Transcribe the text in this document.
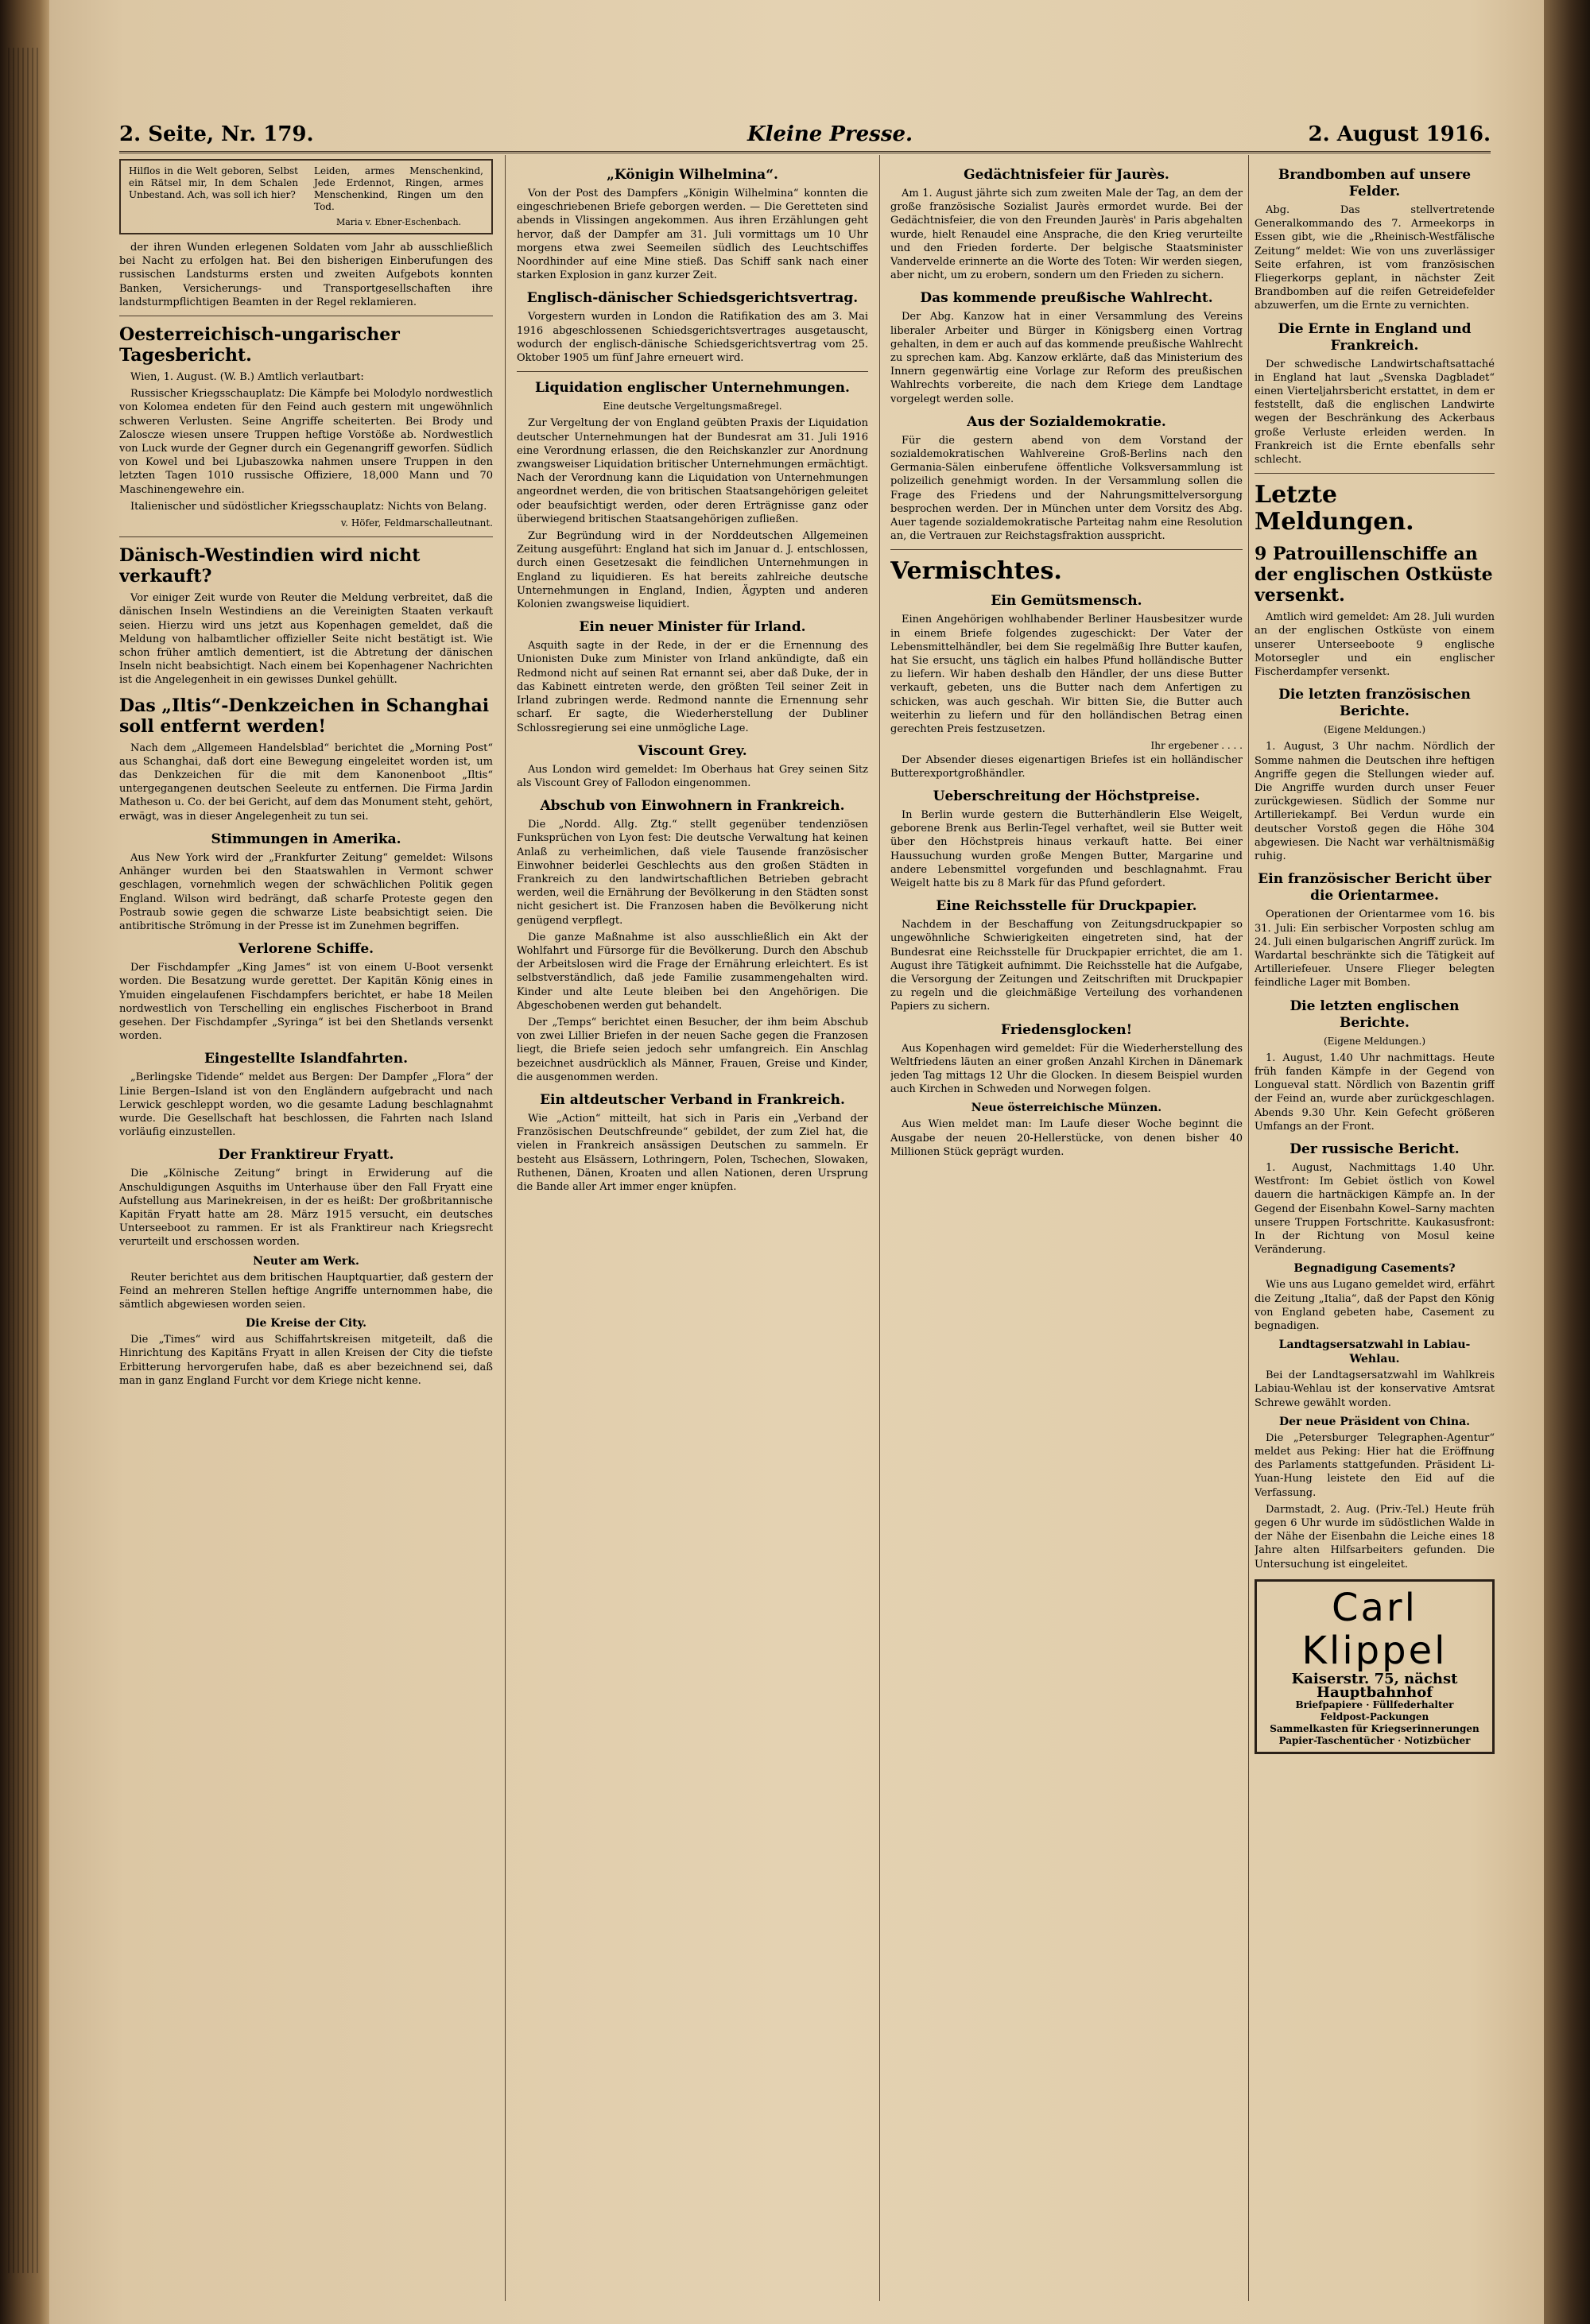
2. Seite, Nr. 179.	Kleine Presse.	2. August 1916.
Hilflos in die Welt geboren, Selbst ein Rätsel mir, In dem Schalen Unbestand. Ach, was soll ich hier?
Leiden, armes Menschenkind, Jede Erdennot, Ringen, armes Menschenkind, Ringen um den Tod.
Maria v. Ebner-Eschenbach.

der ihren Wunden erlegenen Soldaten vom Jahr ab ausschließlich bei Nacht zu erfolgen hat. Bei den bisherigen Einberufungen des russischen Landsturms ersten und zweiten Aufgebots konnten Banken, Versicherungs- und Transportgesellschaften ihre landsturmpflichtigen Beamten in der Regel reklamieren.

Oesterreichisch-ungarischer Tagesbericht.

Wien, 1. August. (W. B.) Amtlich verlautbart:

Russischer Kriegsschauplatz: Die Kämpfe bei Molodylo nordwestlich von Kolomea endeten für den Feind auch gestern mit ungewöhnlich schweren Verlusten. Seine Angriffe scheiterten. Bei Brody und Zaloscze wiesen unsere Truppen heftige Vorstöße ab. Nordwestlich von Luck wurde der Gegner durch ein Gegenangriff geworfen. Südlich von Kowel und bei Ljubaszowka nahmen unsere Truppen in den letzten Tagen 1010 russische Offiziere, 18,000 Mann und 70 Maschinengewehre ein.

Italienischer und südöstlicher Kriegsschauplatz: Nichts von Belang.

v. Höfer, Feldmarschalleutnant.
Dänisch-Westindien wird nicht verkauft?

Vor einiger Zeit wurde von Reuter die Meldung verbreitet, daß die dänischen Inseln Westindiens an die Vereinigten Staaten verkauft seien. Hierzu wird uns jetzt aus Kopenhagen gemeldet, daß die Meldung von halbamtlicher offizieller Seite nicht bestätigt ist. Wie schon früher amtlich dementiert, ist die Abtretung der dänischen Inseln nicht beabsichtigt. Nach einem bei Kopenhagener Nachrichten ist die Angelegenheit in ein gewisses Dunkel gehüllt.

Das „Iltis“-Denkzeichen in Schanghai soll entfernt werden!

Nach dem „Allgemeen Handelsblad“ berichtet die „Morning Post“ aus Schanghai, daß dort eine Bewegung eingeleitet worden ist, um das Denkzeichen für die mit dem Kanonenboot „Iltis“ untergegangenen deutschen Seeleute zu entfernen. Die Firma Jardin Matheson u. Co. der bei Gericht, auf dem das Monument steht, gehört, erwägt, was in dieser Angelegenheit zu tun sei.

Stimmungen in Amerika.

Aus New York wird der „Frankfurter Zeitung“ gemeldet: Wilsons Anhänger wurden bei den Staatswahlen in Vermont schwer geschlagen, vornehmlich wegen der schwächlichen Politik gegen England. Wilson wird bedrängt, daß scharfe Proteste gegen den Postraub sowie gegen die schwarze Liste beabsichtigt seien. Die antibritische Strömung in der Presse ist im Zunehmen begriffen.

Verlorene Schiffe.

Der Fischdampfer „King James“ ist von einem U-Boot versenkt worden. Die Besatzung wurde gerettet. Der Kapitän König eines in Ymuiden eingelaufenen Fischdampfers berichtet, er habe 18 Meilen nordwestlich von Terschelling ein englisches Fischerboot in Brand gesehen. Der Fischdampfer „Syringa“ ist bei den Shetlands versenkt worden.

Eingestellte Islandfahrten.

„Berlingske Tidende“ meldet aus Bergen: Der Dampfer „Flora“ der Linie Bergen–Island ist von den Engländern aufgebracht und nach Lerwick geschleppt worden, wo die gesamte Ladung beschlagnahmt wurde. Die Gesellschaft hat beschlossen, die Fahrten nach Island vorläufig einzustellen.

Der Franktireur Fryatt.

Die „Kölnische Zeitung“ bringt in Erwiderung auf die Anschuldigungen Asquiths im Unterhause über den Fall Fryatt eine Aufstellung aus Marinekreisen, in der es heißt: Der großbritannische Kapitän Fryatt hatte am 28. März 1915 versucht, ein deutsches Unterseeboot zu rammen. Er ist als Franktireur nach Kriegsrecht verurteilt und erschossen worden.

Neuter am Werk.

Reuter berichtet aus dem britischen Hauptquartier, daß gestern der Feind an mehreren Stellen heftige Angriffe unternommen habe, die sämtlich abgewiesen worden seien.

Die Kreise der City.

Die „Times“ wird aus Schiffahrtskreisen mitgeteilt, daß die Hinrichtung des Kapitäns Fryatt in allen Kreisen der City die tiefste Erbitterung hervorgerufen habe, daß es aber bezeichnend sei, daß man in ganz England Furcht vor dem Kriege nicht kenne.

„Königin Wilhelmina“.

Von der Post des Dampfers „Königin Wilhelmina“ konnten die eingeschriebenen Briefe geborgen werden. — Die Geretteten sind abends in Vlissingen angekommen. Aus ihren Erzählungen geht hervor, daß der Dampfer am 31. Juli vormittags um 10 Uhr morgens etwa zwei Seemeilen südlich des Leuchtschiffes Noordhinder auf eine Mine stieß. Das Schiff sank nach einer starken Explosion in ganz kurzer Zeit.

Englisch-dänischer Schiedsgerichtsvertrag.

Vorgestern wurden in London die Ratifikation des am 3. Mai 1916 abgeschlossenen Schiedsgerichtsvertrages ausgetauscht, wodurch der englisch-dänische Schiedsgerichtsvertrag vom 25. Oktober 1905 um fünf Jahre erneuert wird.

Liquidation englischer Unternehmungen.
Eine deutsche Vergeltungsmaßregel.

Zur Vergeltung der von England geübten Praxis der Liquidation deutscher Unternehmungen hat der Bundesrat am 31. Juli 1916 eine Verordnung erlassen, die den Reichskanzler zur Anordnung zwangsweiser Liquidation britischer Unternehmungen ermächtigt. Nach der Verordnung kann die Liquidation von Unternehmungen angeordnet werden, die von britischen Staatsangehörigen geleitet oder beaufsichtigt werden, oder deren Erträgnisse ganz oder überwiegend britischen Staatsangehörigen zufließen.

Zur Begründung wird in der Norddeutschen Allgemeinen Zeitung ausgeführt: England hat sich im Januar d. J. entschlossen, durch einen Gesetzesakt die feindlichen Unternehmungen in England zu liquidieren. Es hat bereits zahlreiche deutsche Unternehmungen in England, Indien, Ägypten und anderen Kolonien zwangsweise liquidiert.

Ein neuer Minister für Irland.

Asquith sagte in der Rede, in der er die Ernennung des Unionisten Duke zum Minister von Irland ankündigte, daß ein Redmond nicht auf seinen Rat ernannt sei, aber daß Duke, der in das Kabinett eintreten werde, den größten Teil seiner Zeit in Irland zubringen werde. Redmond nannte die Ernennung sehr scharf. Er sagte, die Wiederherstellung der Dubliner Schlossregierung sei eine unmögliche Lage.

Viscount Grey.

Aus London wird gemeldet: Im Oberhaus hat Grey seinen Sitz als Viscount Grey of Fallodon eingenommen.

Abschub von Einwohnern in Frankreich.

Die „Nordd. Allg. Ztg.“ stellt gegenüber tendenziösen Funksprüchen von Lyon fest: Die deutsche Verwaltung hat keinen Anlaß zu verheimlichen, daß viele Tausende französischer Einwohner beiderlei Geschlechts aus den großen Städten in Frankreich zu den landwirtschaftlichen Betrieben gebracht werden, weil die Ernährung der Bevölkerung in den Städten sonst nicht gesichert ist. Die Franzosen haben die Bevölkerung nicht genügend verpflegt.

Die ganze Maßnahme ist also ausschließlich ein Akt der Wohlfahrt und Fürsorge für die Bevölkerung. Durch den Abschub der Arbeitslosen wird die Frage der Ernährung erleichtert. Es ist selbstverständlich, daß jede Familie zusammengehalten wird. Kinder und alte Leute bleiben bei den Angehörigen. Die Abgeschobenen werden gut behandelt.

Der „Temps“ berichtet einen Besucher, der ihm beim Abschub von zwei Lillier Briefen in der neuen Sache gegen die Franzosen liegt, die Briefe seien jedoch sehr umfangreich. Ein Anschlag bezeichnet ausdrücklich als Männer, Frauen, Greise und Kinder, die ausgenommen werden.

Ein altdeutscher Verband in Frankreich.

Wie „Action“ mitteilt, hat sich in Paris ein „Verband der Französischen Deutschfreunde“ gebildet, der zum Ziel hat, die vielen in Frankreich ansässigen Deutschen zu sammeln. Er besteht aus Elsässern, Lothringern, Polen, Tschechen, Slowaken, Ruthenen, Dänen, Kroaten und allen Nationen, deren Ursprung die Bande aller Art immer enger knüpfen.

Gedächtnisfeier für Jaurès.

Am 1. August jährte sich zum zweiten Male der Tag, an dem der große französische Sozialist Jaurès ermordet wurde. Bei der Gedächtnisfeier, die von den Freunden Jaurès' in Paris abgehalten wurde, hielt Renaudel eine Ansprache, die den Krieg verurteilte und den Frieden forderte. Der belgische Staatsminister Vandervelde erinnerte an die Worte des Toten: Wir werden siegen, aber nicht, um zu erobern, sondern um den Frieden zu sichern.

Das kommende preußische Wahlrecht.

Der Abg. Kanzow hat in einer Versammlung des Vereins liberaler Arbeiter und Bürger in Königsberg einen Vortrag gehalten, in dem er auch auf das kommende preußische Wahlrecht zu sprechen kam. Abg. Kanzow erklärte, daß das Ministerium des Innern gegenwärtig eine Vorlage zur Reform des preußischen Wahlrechts vorbereite, die nach dem Kriege dem Landtage vorgelegt werden solle.

Aus der Sozialdemokratie.

Für die gestern abend von dem Vorstand der sozialdemokratischen Wahlvereine Groß-Berlins nach den Germania-Sälen einberufene öffentliche Volksversammlung ist polizeilich genehmigt worden. In der Versammlung sollen die Frage des Friedens und der Nahrungsmittelversorgung besprochen werden. Der in München unter dem Vorsitz des Abg. Auer tagende sozialdemokratische Parteitag nahm eine Resolution an, die Vertrauen zur Reichstagsfraktion ausspricht.

Vermischtes.
Ein Gemütsmensch.

Einen Angehörigen wohlhabender Berliner Hausbesitzer wurde in einem Briefe folgendes zugeschickt: Der Vater der Lebensmittelhändler, bei dem Sie regelmäßig Ihre Butter kaufen, hat Sie ersucht, uns täglich ein halbes Pfund holländische Butter zu liefern. Wir haben deshalb den Händler, der uns diese Butter verkauft, gebeten, uns die Butter nach dem Anfertigen zu schicken, was auch geschah. Wir bitten Sie, die Butter auch weiterhin zu liefern und für den holländischen Betrag einen gerechten Preis festzusetzen.

Ihr ergebener . . . .

Der Absender dieses eigenartigen Briefes ist ein holländischer Butterexportgroßhändler.

Ueberschreitung der Höchstpreise.

In Berlin wurde gestern die Butterhändlerin Else Weigelt, geborene Brenk aus Berlin-Tegel verhaftet, weil sie Butter weit über den Höchstpreis hinaus verkauft hatte. Bei einer Haussuchung wurden große Mengen Butter, Margarine und andere Lebensmittel vorgefunden und beschlagnahmt. Frau Weigelt hatte bis zu 8 Mark für das Pfund gefordert.

Eine Reichsstelle für Druckpapier.

Nachdem in der Beschaffung von Zeitungsdruckpapier so ungewöhnliche Schwierigkeiten eingetreten sind, hat der Bundesrat eine Reichsstelle für Druckpapier errichtet, die am 1. August ihre Tätigkeit aufnimmt. Die Reichsstelle hat die Aufgabe, die Versorgung der Zeitungen und Zeitschriften mit Druckpapier zu regeln und die gleichmäßige Verteilung des vorhandenen Papiers zu sichern.

Friedensglocken!

Aus Kopenhagen wird gemeldet: Für die Wiederherstellung des Weltfriedens läuten an einer großen Anzahl Kirchen in Dänemark jeden Tag mittags 12 Uhr die Glocken. In diesem Beispiel wurden auch Kirchen in Schweden und Norwegen folgen.

Neue österreichische Münzen.

Aus Wien meldet man: Im Laufe dieser Woche beginnt die Ausgabe der neuen 20-Hellerstücke, von denen bisher 40 Millionen Stück geprägt wurden.

Brandbomben auf unsere Felder.

Abg. Das stellvertretende Generalkommando des 7. Armeekorps in Essen gibt, wie die „Rheinisch-Westfälische Zeitung“ meldet: Wie von uns zuverlässiger Seite erfahren, ist vom französischen Fliegerkorps geplant, in nächster Zeit Brandbomben auf die reifen Getreidefelder abzuwerfen, um die Ernte zu vernichten.

Die Ernte in England und Frankreich.

Der schwedische Landwirtschaftsattaché in England hat laut „Svenska Dagbladet“ einen Vierteljahrsbericht erstattet, in dem er feststellt, daß die englischen Landwirte wegen der Beschränkung des Ackerbaus große Verluste erleiden werden. In Frankreich ist die Ernte ebenfalls sehr schlecht.

Letzte Meldungen.
9 Patrouillenschiffe an der englischen Ostküste versenkt.

Amtlich wird gemeldet: Am 28. Juli wurden an der englischen Ostküste von einem unserer Unterseeboote 9 englische Motorsegler und ein englischer Fischerdampfer versenkt.

Die letzten französischen Berichte.
(Eigene Meldungen.)

1. August, 3 Uhr nachm. Nördlich der Somme nahmen die Deutschen ihre heftigen Angriffe gegen die Stellungen wieder auf. Die Angriffe wurden durch unser Feuer zurückgewiesen. Südlich der Somme nur Artilleriekampf. Bei Verdun wurde ein deutscher Vorstoß gegen die Höhe 304 abgewiesen. Die Nacht war verhältnismäßig ruhig.

Ein französischer Bericht über die Orientarmee.

Operationen der Orientarmee vom 16. bis 31. Juli: Ein serbischer Vorposten schlug am 24. Juli einen bulgarischen Angriff zurück. Im Wardartal beschränkte sich die Tätigkeit auf Artilleriefeuer. Unsere Flieger belegten feindliche Lager mit Bomben.

Die letzten englischen Berichte.
(Eigene Meldungen.)

1. August, 1.40 Uhr nachmittags. Heute früh fanden Kämpfe in der Gegend von Longueval statt. Nördlich von Bazentin griff der Feind an, wurde aber zurückgeschlagen. Abends 9.30 Uhr. Kein Gefecht größeren Umfangs an der Front.

Der russische Bericht.

1. August, Nachmittags 1.40 Uhr. Westfront: Im Gebiet östlich von Kowel dauern die hartnäckigen Kämpfe an. In der Gegend der Eisenbahn Kowel–Sarny machten unsere Truppen Fortschritte. Kaukasusfront: In der Richtung von Mosul keine Veränderung.

Begnadigung Casements?

Wie uns aus Lugano gemeldet wird, erfährt die Zeitung „Italia“, daß der Papst den König von England gebeten habe, Casement zu begnadigen.

Landtagsersatzwahl in Labiau-Wehlau.

Bei der Landtagsersatzwahl im Wahlkreis Labiau-Wehlau ist der konservative Amtsrat Schrewe gewählt worden.

Der neue Präsident von China.

Die „Petersburger Telegraphen-Agentur“ meldet aus Peking: Hier hat die Eröffnung des Parlaments stattgefunden. Präsident Li-Yuan-Hung leistete den Eid auf die Verfassung.

Darmstadt, 2. Aug. (Priv.-Tel.) Heute früh gegen 6 Uhr wurde im südöstlichen Walde in der Nähe der Eisenbahn die Leiche eines 18 Jahre alten Hilfsarbeiters gefunden. Die Untersuchung ist eingeleitet.

Carl Klippel
Kaiserstr. 75, nächst Hauptbahnhof
Briefpapiere · Füllfederhalter
Feldpost-Packungen
Sammelkasten für Kriegserinnerungen
Papier-Taschentücher · Notizbücher
